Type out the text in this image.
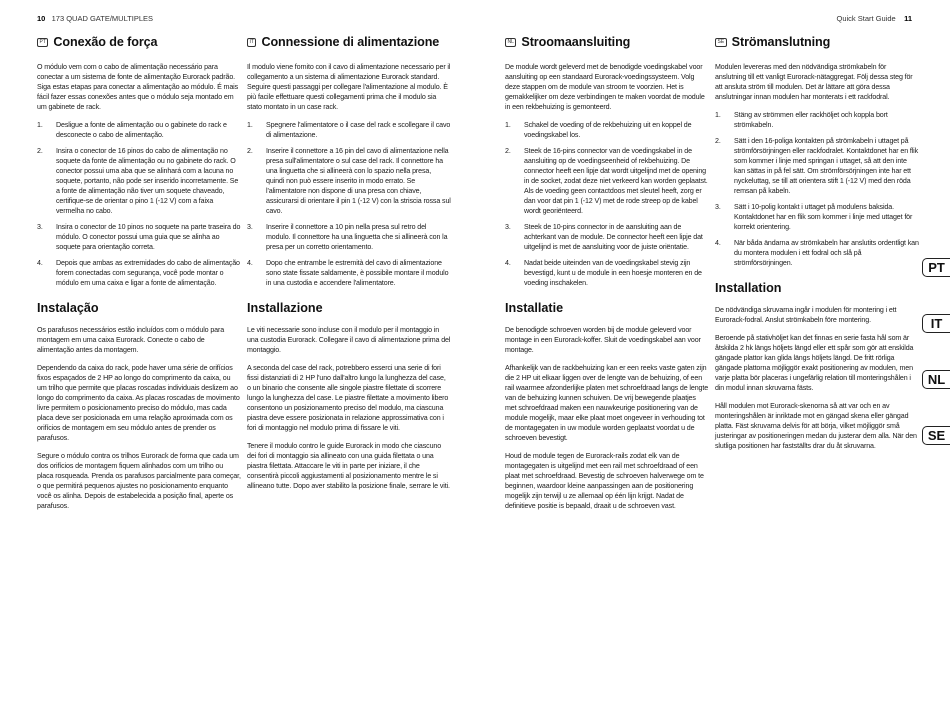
10 173 QUAD GATE/MULTIPLES	Quick Start Guide 11
PT Conexão de força

O módulo vem com o cabo de alimentação necessário para conectar a um sistema de fonte de alimentação Eurorack padrão. Siga estas etapas para conectar a alimentação ao módulo. É mais fácil fazer essas conexões antes que o módulo seja montado em um gabinete de rack.

1. Desligue a fonte de alimentação ou o gabinete do rack e desconecte o cabo de alimentação.
2. Insira o conector de 16 pinos do cabo de alimentação no soquete da fonte de alimentação ou no gabinete do rack. O conector possui uma aba que se alinhará com a lacuna no soquete, portanto, não pode ser inserido incorretamente. Se a fonte de alimentação não tiver um soquete chaveado, certifique-se de orientar o pino 1 (-12 V) com a faixa vermelha no cabo.
3. Insira o conector de 10 pinos no soquete na parte traseira do módulo. O conector possui uma guia que se alinha ao soquete para orientação correta.
4. Depois que ambas as extremidades do cabo de alimentação forem conectadas com segurança, você pode montar o módulo em uma caixa e ligar a fonte de alimentação.
Instalação

Os parafusos necessários estão incluídos com o módulo para montagem em uma caixa Eurorack. Conecte o cabo de alimentação antes da montagem.

Dependendo da caixa do rack, pode haver uma série de orifícios fixos espaçados de 2 HP ao longo do comprimento da caixa, ou um trilho que permite que placas roscadas individuais deslizem ao longo do comprimento da caixa. As placas roscadas de movimento livre permitem o posicionamento preciso do módulo, mas cada placa deve ser posicionada em uma relação aproximada com os orifícios de montagem em seu módulo antes de prender os parafusos.

Segure o módulo contra os trilhos Eurorack de forma que cada um dos orifícios de montagem fiquem alinhados com um trilho ou placa rosqueada. Prenda os parafusos parcialmente para começar, o que permitirá pequenos ajustes no posicionamento enquanto você os alinha. Depois de estabelecida a posição final, aperte os parafusos.

IT Connessione di alimentazione

Il modulo viene fornito con il cavo di alimentazione necessario per il collegamento a un sistema di alimentazione Eurorack standard. Seguire questi passaggi per collegare l'alimentazione al modulo. È più facile effettuare questi collegamenti prima che il modulo sia stato montato in un case rack.

1. Spegnere l'alimentatore o il case del rack e scollegare il cavo di alimentazione.
2. Inserire il connettore a 16 pin del cavo di alimentazione nella presa sull'alimentatore o sul case del rack. Il connettore ha una linguetta che si allineerà con lo spazio nella presa, quindi non può essere inserito in modo errato. Se l'alimentatore non dispone di una presa con chiave, assicurarsi di orientare il pin 1 (-12 V) con la striscia rossa sul cavo.
3. Inserire il connettore a 10 pin nella presa sul retro del modulo. Il connettore ha una linguetta che si allineerà con la presa per un corretto orientamento.
4. Dopo che entrambe le estremità del cavo di alimentazione sono state fissate saldamente, è possibile montare il modulo in una custodia e accendere l'alimentatore.
Installazione

Le viti necessarie sono incluse con il modulo per il montaggio in una custodia Eurorack. Collegare il cavo di alimentazione prima del montaggio.

A seconda del case del rack, potrebbero esserci una serie di fori fissi distanziati di 2 HP l'uno dall'altro lungo la lunghezza del case, o un binario che consente alle singole piastre filettate di scorrere lungo la lunghezza del case. Le piastre filettate a movimento libero consentono un posizionamento preciso del modulo, ma ciascuna piastra deve essere posizionata in relazione approssimativa con i fori di montaggio nel modulo prima di fissare le viti.

Tenere il modulo contro le guide Eurorack in modo che ciascuno dei fori di montaggio sia allineato con una guida filettata o una piastra filettata. Attaccare le viti in parte per iniziare, il che consentirà piccoli aggiustamenti al posizionamento mentre le si allineano tutte. Dopo aver stabilito la posizione finale, serrare le viti.

NL Stroomaansluiting

De module wordt geleverd met de benodigde voedingskabel voor aansluiting op een standaard Eurorack-voedingssysteem. Volg deze stappen om de module van stroom te voorzien. Het is gemakkelijker om deze verbindingen te maken voordat de module in een rekbehuizing is gemonteerd.

1. Schakel de voeding of de rekbehuizing uit en koppel de voedingskabel los.
2. Steek de 16-pins connector van de voedingskabel in de aansluiting op de voedingseenheid of rekbehuizing. De connector heeft een lipje dat wordt uitgelijnd met de opening in de socket, zodat deze niet verkeerd kan worden geplaatst. Als de voeding geen contactdoos met sleutel heeft, zorg er dan voor dat pin 1 (-12 V) met de rode streep op de kabel wordt georiënteerd.
3. Steek de 10-pins connector in de aansluiting aan de achterkant van de module. De connector heeft een lipje dat uitgelijnd is met de aansluiting voor de juiste oriëntatie.
4. Nadat beide uiteinden van de voedingskabel stevig zijn bevestigd, kunt u de module in een hoesje monteren en de voeding inschakelen.
Installatie

De benodigde schroeven worden bij de module geleverd voor montage in een Eurorack-koffer. Sluit de voedingskabel aan voor montage.

Afhankelijk van de rackbehuizing kan er een reeks vaste gaten zijn die 2 HP uit elkaar liggen over de lengte van de behuizing, of een rail waarmee afzonderlijke platen met schroefdraad langs de lengte van de behuizing kunnen schuiven. De vrij bewegende plaatjes met schroefdraad maken een nauwkeurige positionering van de module mogelijk, maar elke plaat moet ongeveer in verhouding tot de montagegaten in uw module worden geplaatst voordat u de schroeven bevestigt.

Houd de module tegen de Eurorack-rails zodat elk van de montagegaten is uitgelijnd met een rail met schroefdraad of een plaat met schroefdraad. Bevestig de schroeven halverwege om te beginnen, waardoor kleine aanpassingen aan de positionering mogelijk zijn terwijl u ze allemaal op één lijn krijgt. Nadat de definitieve positie is bepaald, draait u de schroeven vast.

SE Strömanslutning

Modulen levereras med den nödvändiga strömkabeln för anslutning till ett vanligt Eurorack-nätaggregat. Följ dessa steg för att ansluta ström till modulen. Det är lättare att göra dessa anslutningar innan modulen har monterats i ett rackfodral.

1. Stäng av strömmen eller rackhöljet och koppla bort strömkabeln.
2. Sätt i den 16-poliga kontakten på strömkabeln i uttaget på strömförsörjningen eller rackfodralet. Kontaktdonet har en flik som kommer i linje med springan i uttaget, så att den inte kan sättas in på fel sätt. Om strömförsörjningen inte har ett nyckeluttag, se till att orientera stift 1 (-12 V) med den röda remsan på kabeln.
3. Sätt i 10-polig kontakt i uttaget på modulens baksida. Kontaktdonet har en flik som kommer i linje med uttaget för korrekt orientering.
4. När båda ändarna av strömkabeln har anslutits ordentligt kan du montera modulen i ett fodral och slå på strömförsörjningen.
Installation

De nödvändiga skruvarna ingår i modulen för montering i ett Eurorack-fodral. Anslut strömkabeln före montering.

Beroende på stativhöljet kan det finnas en serie fasta hål som är åtskilda 2 hk längs höljets längd eller ett spår som gör att enskilda gängade plattor kan glida längs höljets längd. De fritt rörliga gängade plattorna möjliggör exakt positionering av modulen, men varje platta bör placeras i ungefärlig relation till monteringshålen i din modul innan skruvarna fästs.

Håll modulen mot Eurorack-skenorna så att var och en av monteringshålen är inriktade mot en gängad skena eller gängad platta. Fäst skruvarna delvis för att börja, vilket möjliggör små justeringar av positioneringen medan du justerar dem alla. När den slutliga positionen har fastställts drar du åt skruvarna.

PT
IT
NL
SE
